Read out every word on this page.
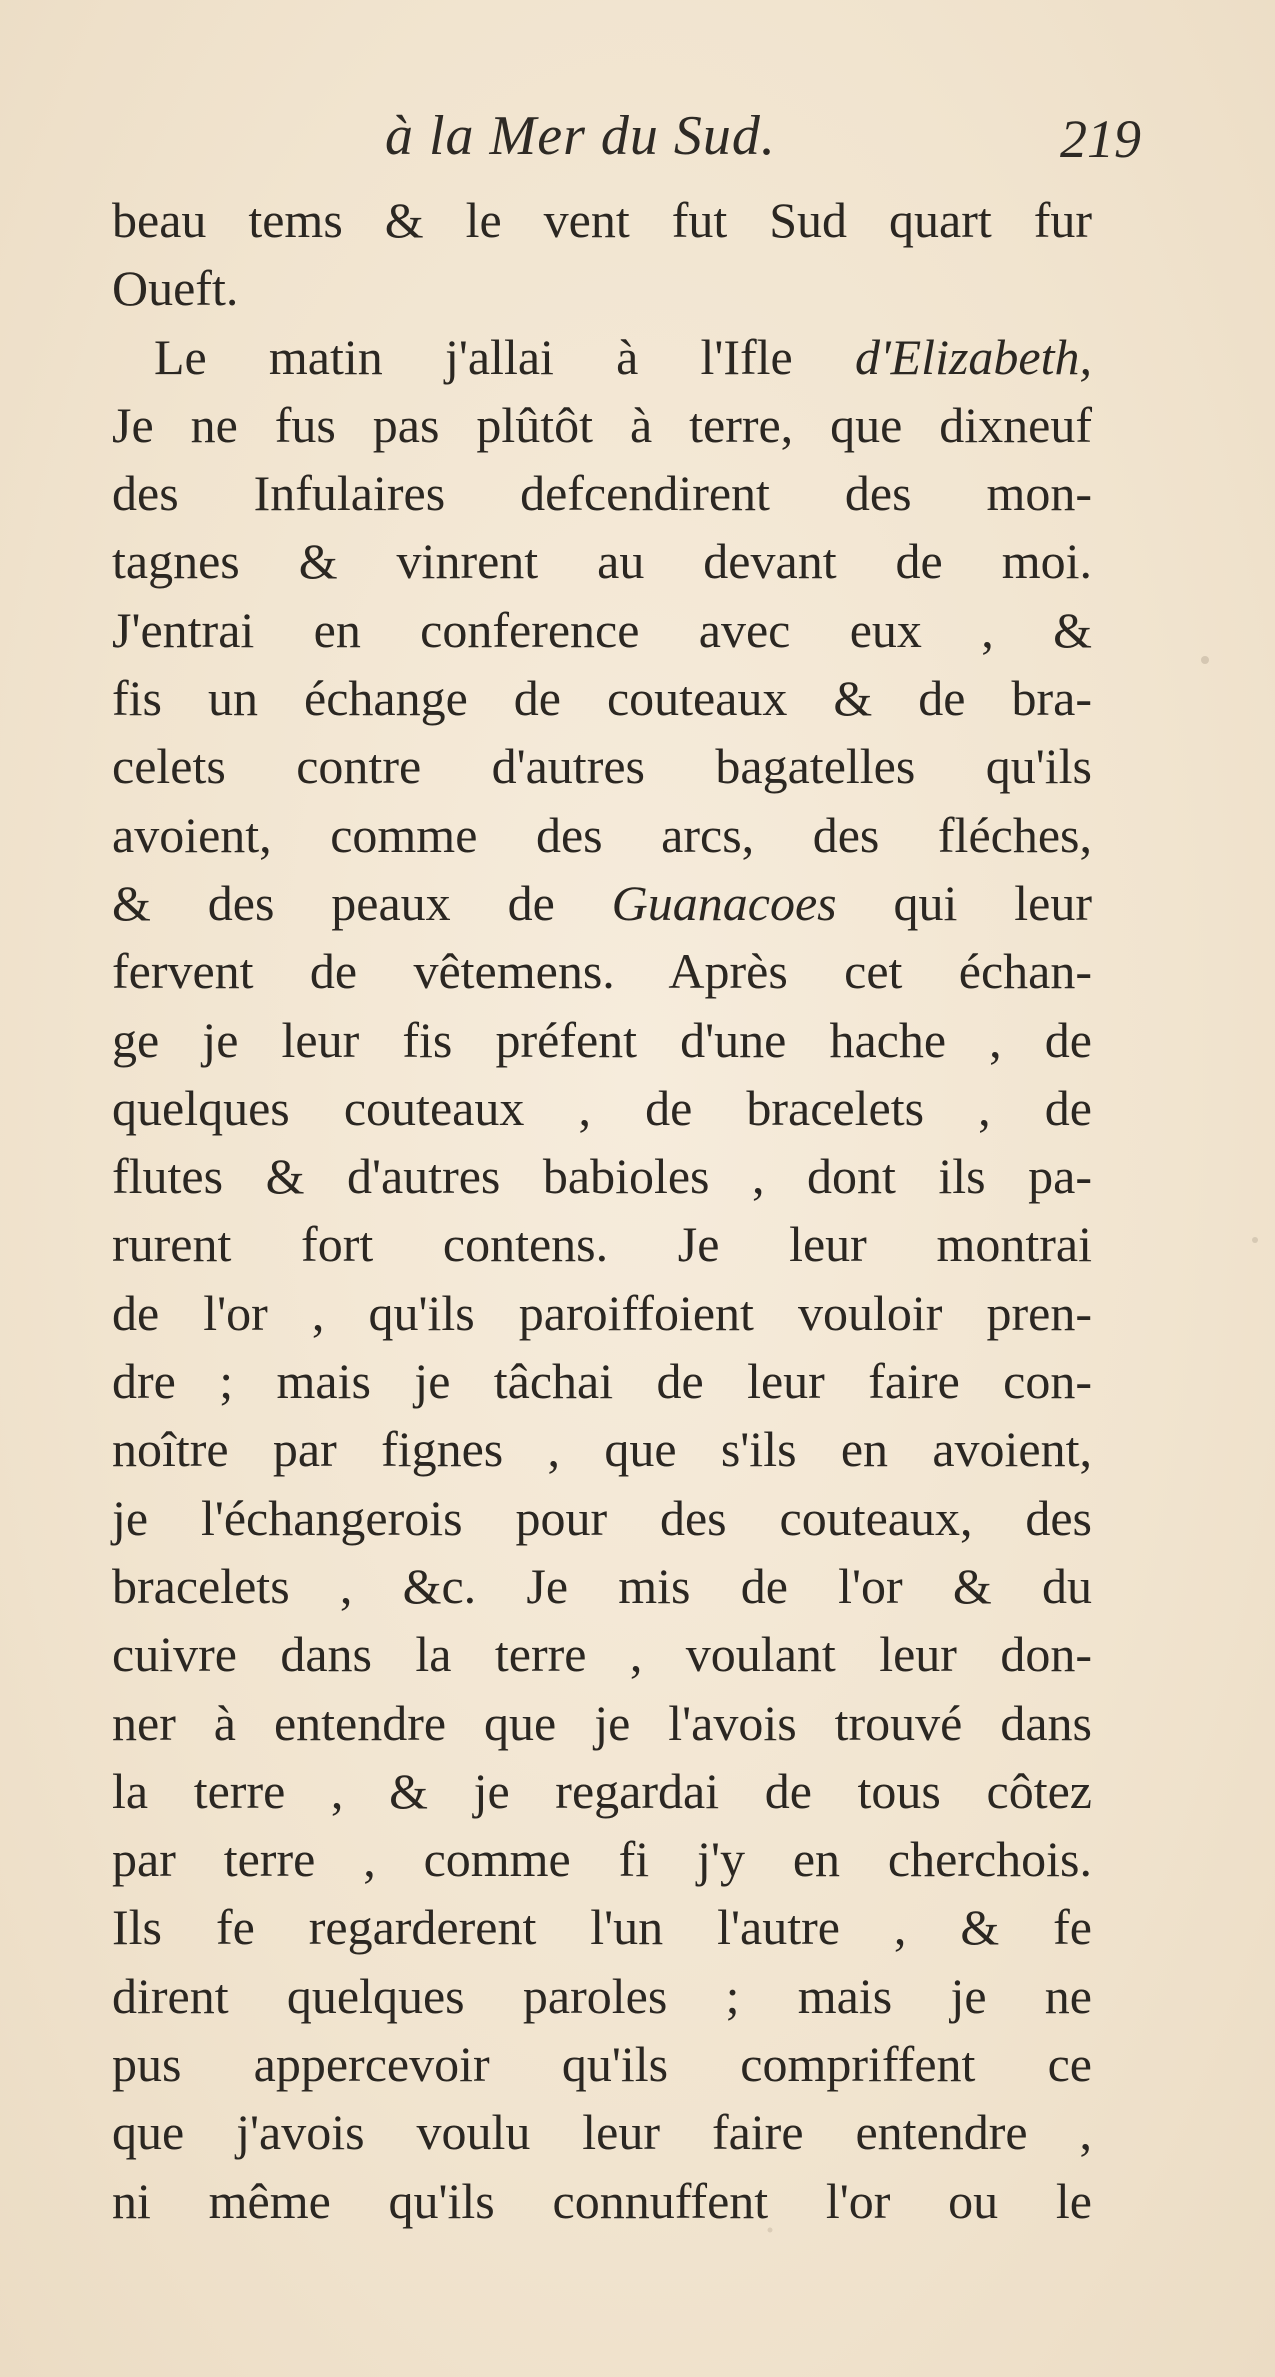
à la Mer du Sud.	219
beau tems & le vent fut Sud quart fur
Oueft.
Le matin j'allai à l'Ifle d'Elizabeth,
Je ne fus pas plûtôt à terre, que dixneuf
des Infulaires defcendirent des mon-
tagnes & vinrent au devant de moi.
J'entrai en conference avec eux , &
fis un échange de couteaux & de bra-
celets contre d'autres bagatelles qu'ils
avoient, comme des arcs, des fléches,
& des peaux de Guanacoes qui leur
fervent de vêtemens. Après cet échan-
ge je leur fis préfent d'une hache , de
quelques couteaux , de bracelets , de
flutes & d'autres babioles , dont ils pa-
rurent fort contens. Je leur montrai
de l'or , qu'ils paroiffoient vouloir pren-
dre ; mais je tâchai de leur faire con-
noître par fignes , que s'ils en avoient,
je l'échangerois pour des couteaux, des
bracelets , &c. Je mis de l'or & du
cuivre dans la terre , voulant leur don-
ner à entendre que je l'avois trouvé dans
la terre , & je regardai de tous côtez
par terre , comme fi j'y en cherchois.
Ils fe regarderent l'un l'autre , & fe
dirent quelques paroles ; mais je ne
pus appercevoir qu'ils compriffent ce
que j'avois voulu leur faire entendre ,
ni même qu'ils connuffent l'or ou le
